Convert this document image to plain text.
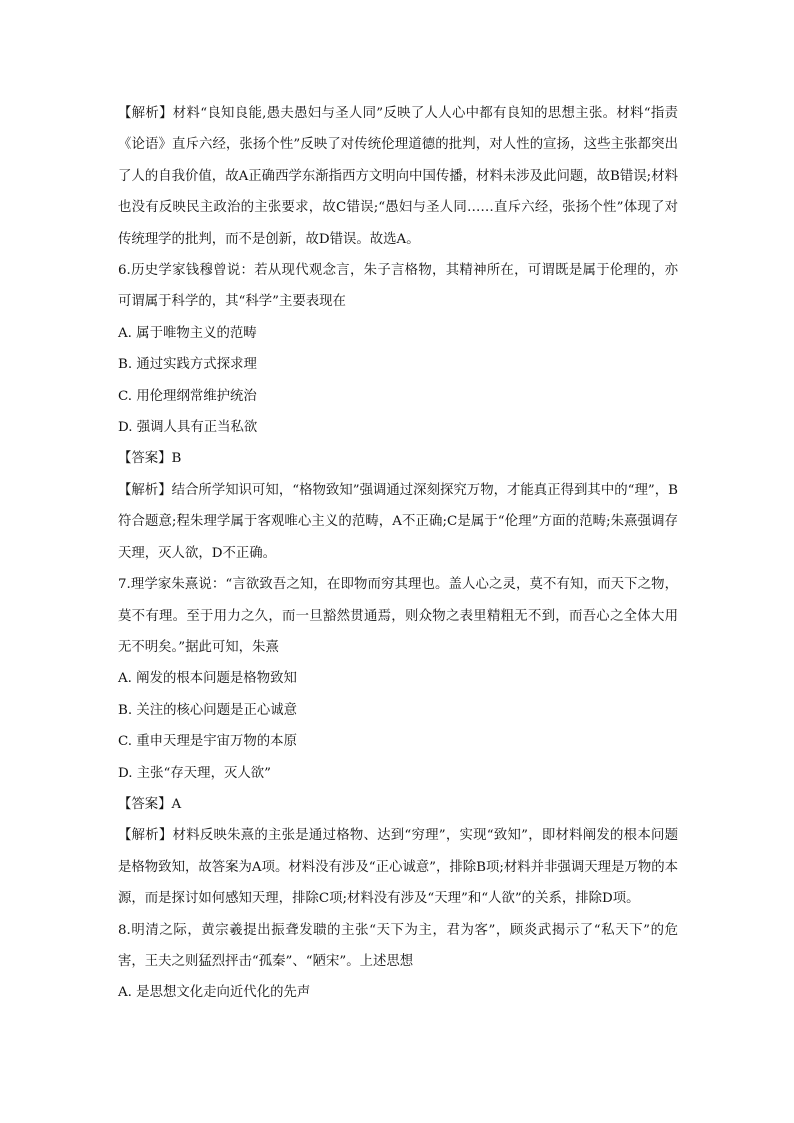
【解析】材料“良知良能,愚夫愚妇与圣人同”反映了人人心中都有良知的思想主张。材料“指责《论语》直斥六经，张扬个性”反映了对传统伦理道德的批判，对人性的宣扬，这些主张都突出了人的自我价值，故A正确西学东渐指西方文明向中国传播，材料未涉及此问题，故B错误;材料也没有反映民主政治的主张要求，故C错误;“愚妇与圣人同……直斥六经，张扬个性”体现了对传统理学的批判，而不是创新，故D错误。故选A。

6.历史学家钱穆曾说：若从现代观念言，朱子言格物，其精神所在，可谓既是属于伦理的，亦可谓属于科学的，其“科学”主要表现在

A. 属于唯物主义的范畴

B. 通过实践方式探求理

C. 用伦理纲常维护统治

D. 强调人具有正当私欲

【答案】B

【解析】结合所学知识可知，“格物致知”强调通过深刻探究万物，才能真正得到其中的“理”，B符合题意;程朱理学属于客观唯心主义的范畴，A不正确;C是属于“伦理”方面的范畴;朱熹强调存天理，灭人欲，D不正确。

7.理学家朱熹说：“言欲致吾之知，在即物而穷其理也。盖人心之灵，莫不有知，而天下之物，莫不有理。至于用力之久，而一旦豁然贯通焉，则众物之表里精粗无不到，而吾心之全体大用无不明矣。”据此可知，朱熹

A. 阐发的根本问题是格物致知

B. 关注的核心问题是正心诚意

C. 重申天理是宇宙万物的本原

D. 主张“存天理，灭人欲”

【答案】A

【解析】材料反映朱熹的主张是通过格物、达到“穷理”，实现“致知”，即材料阐发的根本问题是格物致知，故答案为A项。材料没有涉及“正心诚意”，排除B项;材料并非强调天理是万物的本源，而是探讨如何感知天理，排除C项;材料没有涉及“天理”和“人欲”的关系，排除D项。

8.明清之际，黄宗羲提出振聋发聩的主张“天下为主，君为客”，顾炎武揭示了“私天下”的危害，王夫之则猛烈抨击“孤秦”、“陋宋”。上述思想

A. 是思想文化走向近代化的先声
